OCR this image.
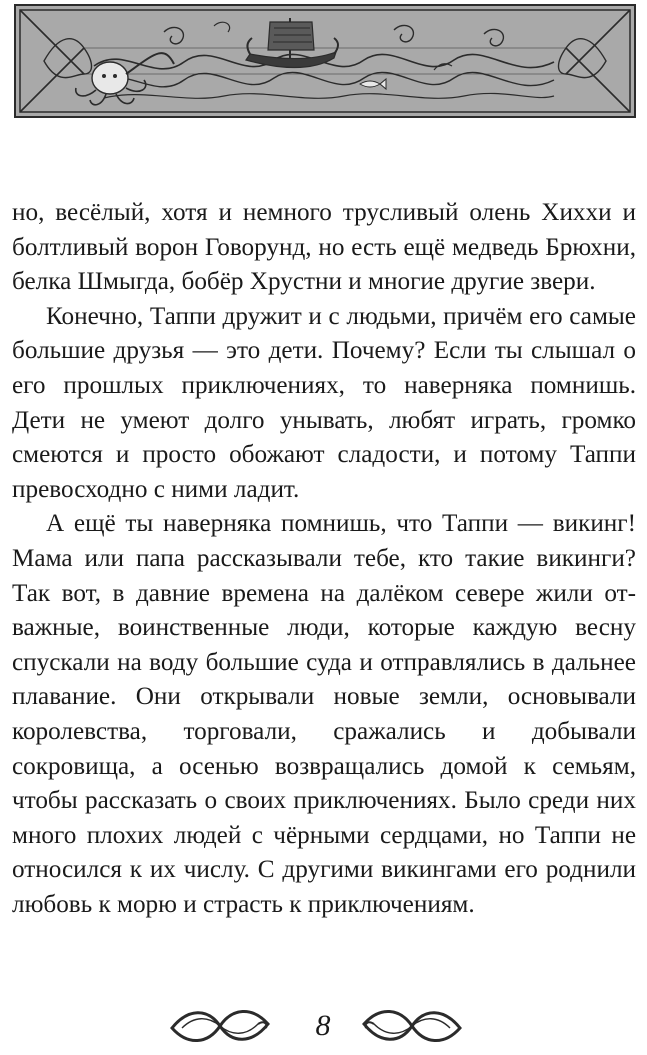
но, весёлый, хотя и немного трусливый олень Хихxи и болтливый ворон Говорунд, но есть ещё медведь Брюхни, белка Шмыгда, бобёр Хрустни и многие другие звери.

Конечно, Таппи дружит и с людьми, причём его самые большие друзья — это дети. Почему? Если ты слышал о его прошлых приключениях, то наверняка помнишь. Дети не умеют долго унывать, любят играть, громко смеются и просто обожают сладости, и потому Таппи превосходно с ними ладит.

А ещё ты наверняка помнишь, что Таппи — викинг! Мама или папа рассказывали тебе, кто такие викинги? Так вот, в давние времена на далёком севере жили отважные, воинственные люди, которые каждую весну спускали на воду большие суда и отправлялись в дальнее плавание. Они открывали новые земли, основывали королевства, торговали, сражались и добывали сокровища, а осенью возвращались домой к семьям, чтобы рассказать о своих приключениях. Было среди них много плохих людей с чёрными сердцами, но Таппи не относился к их числу. С другими викингами его роднили любовь к морю и страсть к приключениям.

8
